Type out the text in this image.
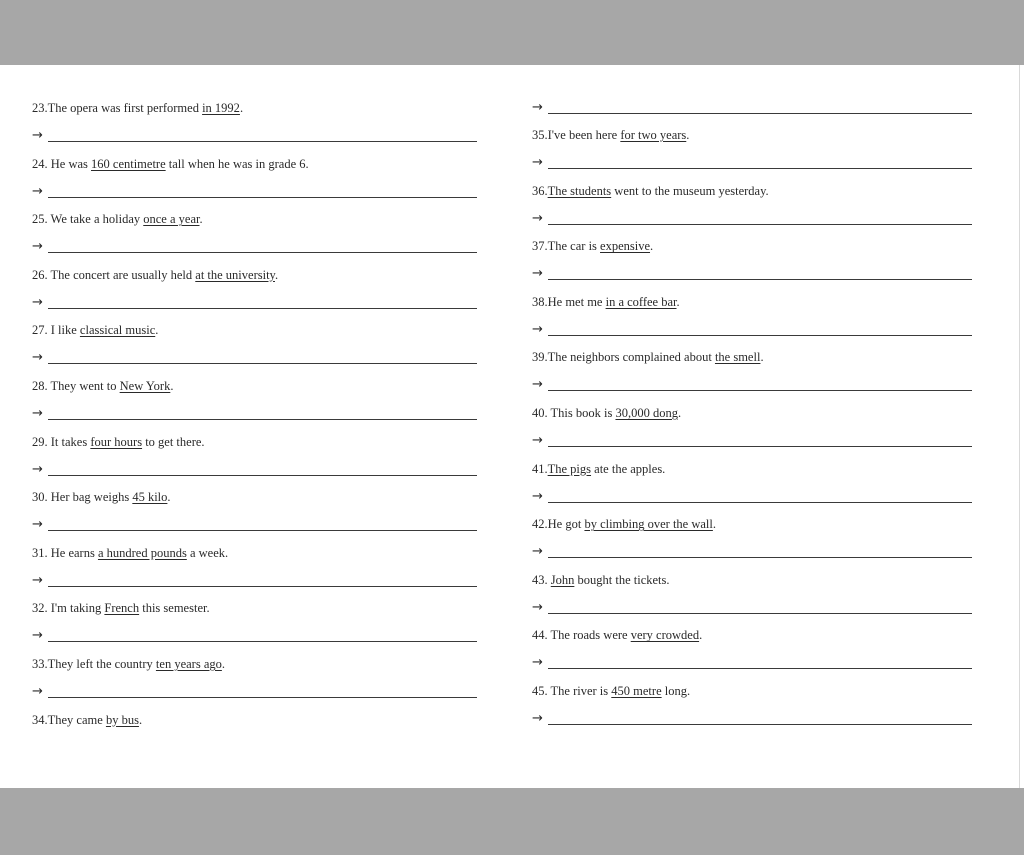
23.The opera was first performed in 1992.
→
24. He was 160 centimetre tall when he was in grade 6.
→
25. We take a holiday once a year.
→
26. The concert are usually held at the university.
→
27. I like classical music.
→
28. They went to New York.
→
29. It takes four hours to get there.
→
30. Her bag weighs 45 kilo.
→
31. He earns a hundred pounds a week.
→
32. I'm taking French this semester.
→
33.They left the country ten years ago.
→
34.They came by bus.
→
35.I've been here for two years.
→
36.The students went to the museum yesterday.
→
37.The car is expensive.
→
38.He met me in a coffee bar.
→
39.The neighbors complained about the smell.
→
40. This book is 30,000 dong.
→
41.The pigs ate the apples.
→
42.He got by climbing over the wall.
→
43. John bought the tickets.
→
44. The roads were very crowded.
→
45. The river is 450 metre long.
→
